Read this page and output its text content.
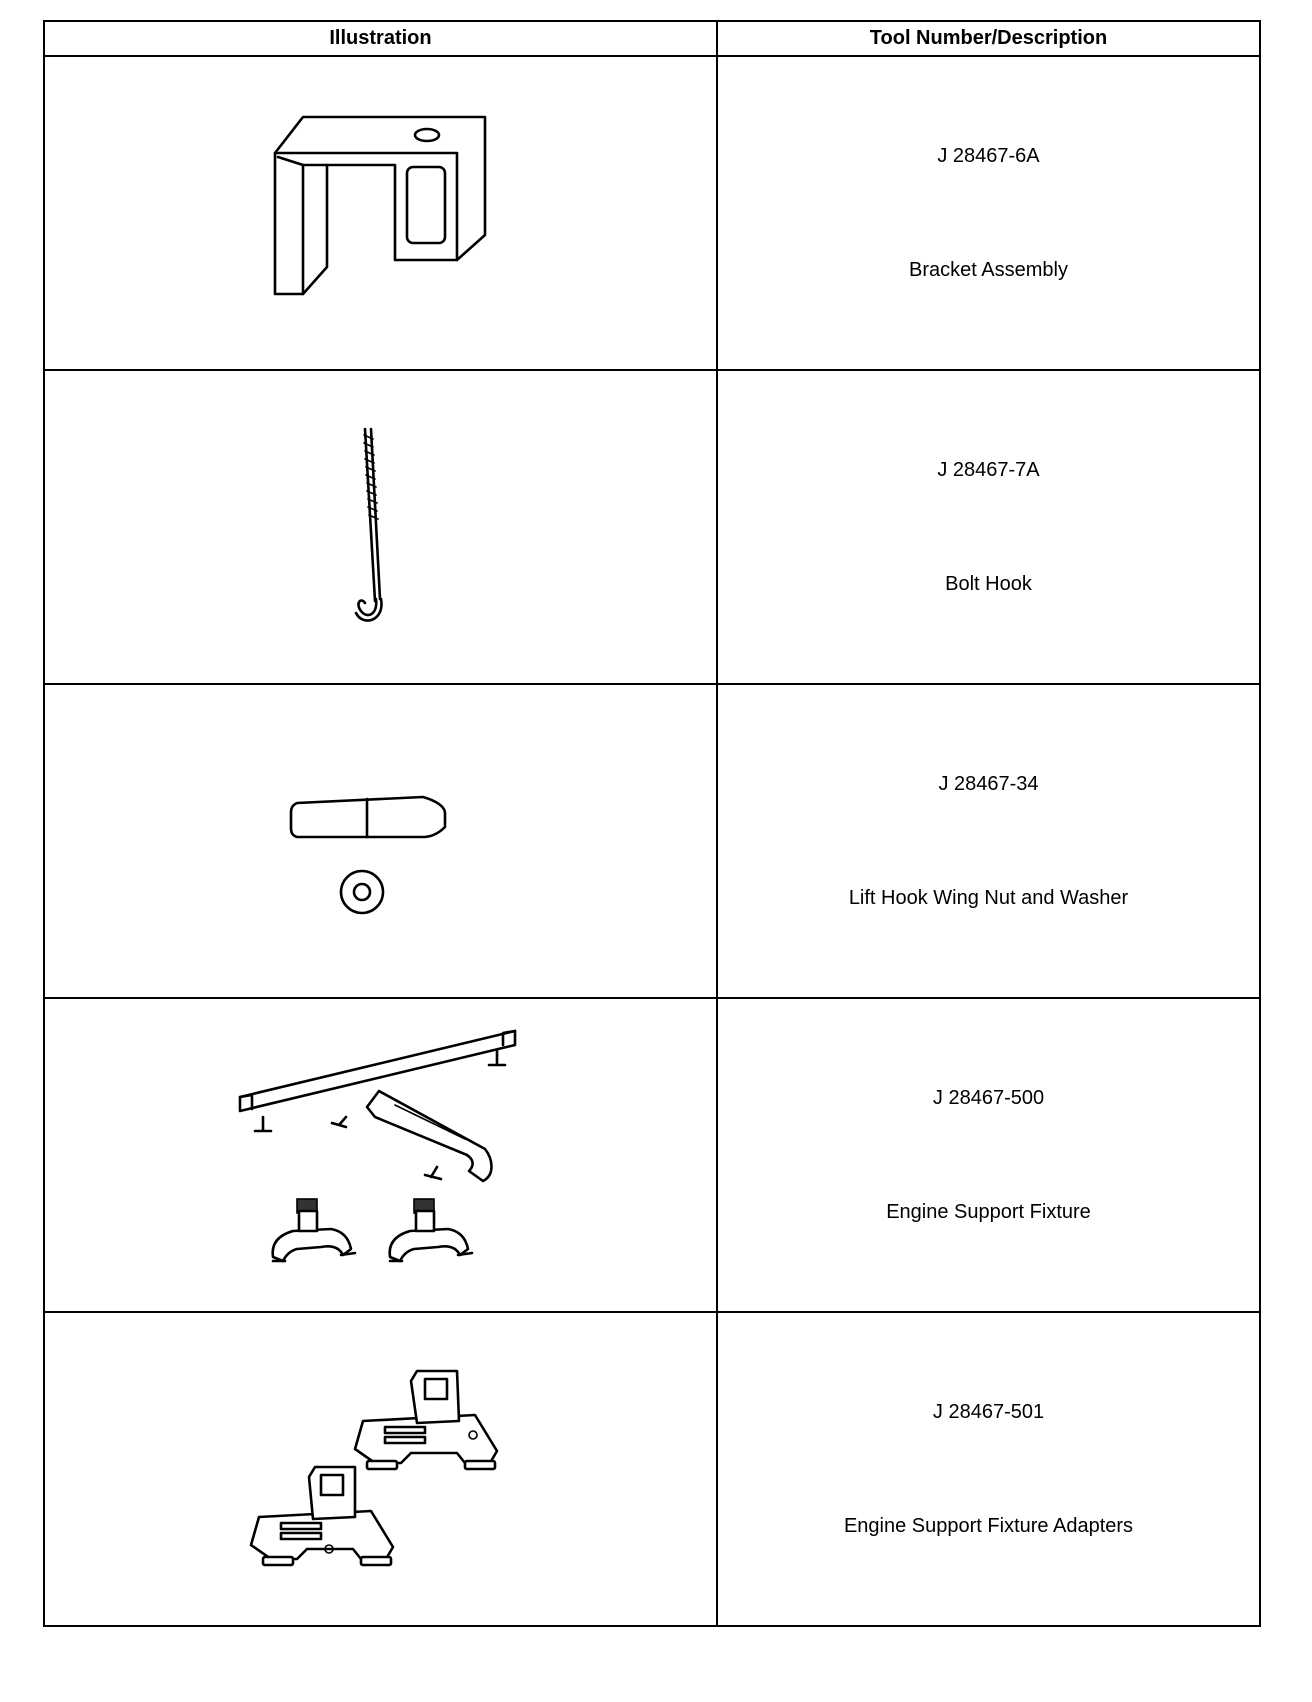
Illustration	Tool Number/Description

J 28467-6A
Bracket Assembly

J 28467-7A
Bolt Hook

J 28467-34
Lift Hook Wing Nut and Washer

J 28467-500
Engine Support Fixture

J 28467-501
Engine Support Fixture Adapters
